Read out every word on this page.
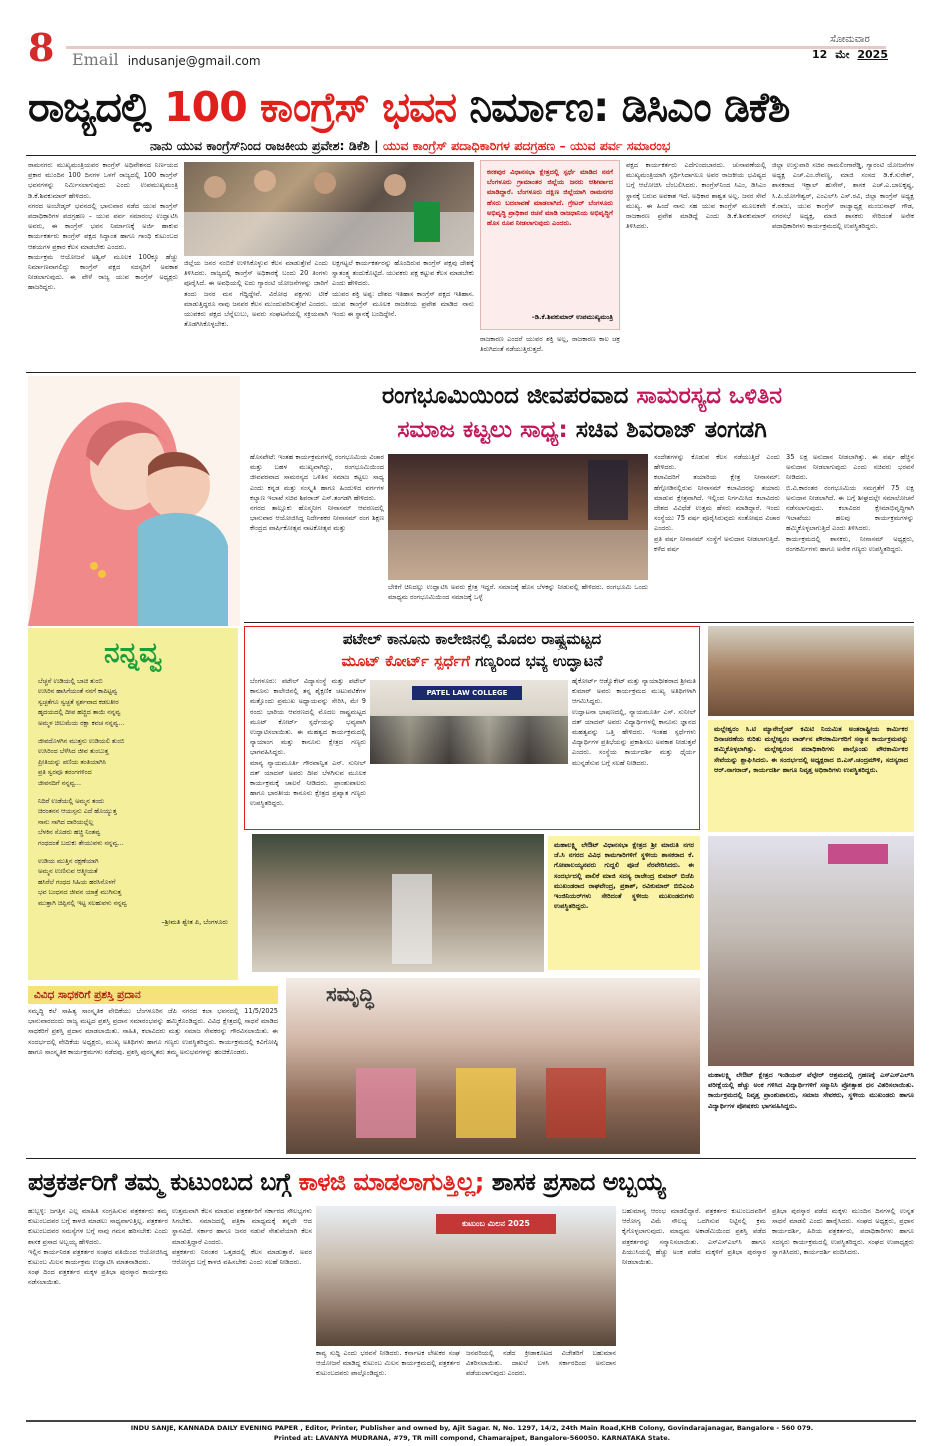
8 Email indusanje@gmail.com
ಸೋಮವಾರ
12 ಮೇ 2025
ರಾಜ್ಯದಲ್ಲಿ 100 ಕಾಂಗ್ರೆಸ್ ಭವನ ನಿರ್ಮಾಣ: ಡಿಸಿಎಂ ಡಿಕೆಶಿ
ನಾನು ಯುವ ಕಾಂಗ್ರೆಸ್‌ನಿಂದ ರಾಜಕೀಯ ಪ್ರವೇಶ: ಡಿಕೆಶಿ | ಯುವ ಕಾಂಗ್ರೆಸ್ ಪದಾಧಿಕಾರಿಗಳ ಪದಗ್ರಹಣ – ಯುವ ಪರ್ವ ಸಮಾರಂಭ
ರಾಮನಗರ: ಮುಖ್ಯಮಂತ್ರಿಯವರ ಕಾಂಗ್ರೆಸ್ ಅಧಿವೇಶನದ ನಿರ್ಣಯದ ಪ್ರಕಾರ ಮುಂದಿನ 100 ದಿನಗಳ ಒಳಗೆ ರಾಜ್ಯದಲ್ಲಿ 100 ಕಾಂಗ್ರೆಸ್ ಭವನಗಳನ್ನು ನಿರ್ಮಿಸಲಾಗುವುದು ಎಂದು ಉಪಮುಖ್ಯಮಂತ್ರಿ ಡಿ.ಕೆ.ಶಿವಕುಮಾರ್ ಹೇಳಿದರು.
ನಗರದ ಅಂಬೇಡ್ಕರ್ ಭವನದಲ್ಲಿ ಭಾನುವಾರ ನಡೆದ ಯುವ ಕಾಂಗ್ರೆಸ್ ಪದಾಧಿಕಾರಿಗಳ ಪದಗ್ರಹಣ – ಯುವ ಪರ್ವ ಸಮಾರಂಭ ಉದ್ಘಾಟಿಸಿ ಅವರು, ಈ ಕಾಂಗ್ರೆಸ್ ಭವನ ನಿರ್ಮಾಣಕ್ಕೆ ಅರ್ಜಿ ಹಾಕುವ ಕಾರ್ಯಕರ್ತರು ಕಾಂಗ್ರೆಸ್ ಪಕ್ಷದ ಸಿದ್ಧಾಂತ ಹಾಗೂ ಗಾಂಧಿ ಕುಟುಂಬದ ಆಶಯಗಳ ಪ್ರಕಾರ ಕೆಲಸ ಮಾಡಬೇಕು ಎಂದರು.
ಕಾರ್ಯಕ್ರಮ ಆಯೋಜನೆ ಅಶ್ವಿನ್ ಮೂಲಕ 100ಕ್ಕೂ ಹೆಚ್ಚು ನಿರ್ಮಾಣವಾಗಲಿದ್ದು ಕಾಂಗ್ರೆಸ್ ಪಕ್ಷದ ಸದಸ್ಯರಿಗೆ ಅವಕಾಶ ನೀಡಲಾಗುವುದು. ಈ ವೇಳೆ ರಾಜ್ಯ ಯುವ ಕಾಂಗ್ರೆಸ್ ಅಧ್ಯಕ್ಷರು ಹಾಜರಿದ್ದರು.
ಜಿಲ್ಲೆಯ ಜನರ ನಂಬಿಕೆ ಉಳಿಸಿಕೊಳ್ಳುವ ಕೆಲಸ ಮಾಡುತ್ತೇವೆ ಎಂದು ತಿಳಿಸಿದರು. ರಾಜ್ಯದಲ್ಲಿ ಕಾಂಗ್ರೆಸ್ ಅಧಿಕಾರಕ್ಕೆ ಬಂದು 20 ತಿಂಗಳು ಪೂರೈಸಿದೆ. ಈ ಅವಧಿಯಲ್ಲಿ ಐದು ಗ್ಯಾರಂಟಿ ಯೋಜನೆಗಳನ್ನು ಜಾರಿಗೆ ತಂದು ಜನರ ಮನ ಗೆದ್ದಿದ್ದೇವೆ. ವಿರೋಧ ಪಕ್ಷಗಳು ಟೀಕೆ ಮಾಡುತ್ತಿದ್ದರೂ ನಾವು ಜನಪರ ಕೆಲಸ ಮುಂದುವರಿಸುತ್ತೇವೆ ಎಂದರು. ಯುವಕರು ಪಕ್ಷದ ಬೆನ್ನೆಲುಬು, ಅವರು ಸಂಘಟನೆಯಲ್ಲಿ ಸಕ್ರಿಯವಾಗಿ ತೊಡಗಿಸಿಕೊಳ್ಳಬೇಕು.
ಲಕ್ಷಗಟ್ಟಲೆ ಕಾರ್ಯಕರ್ತರನ್ನು ಹೊಂದಿರುವ ಕಾಂಗ್ರೆಸ್ ಪಕ್ಷವು ದೇಶಕ್ಕೆ ಸ್ವಾತಂತ್ರ್ಯ ತಂದುಕೊಟ್ಟಿದೆ. ಯುವಕರು ಪಕ್ಷ ಕಟ್ಟುವ ಕೆಲಸ ಮಾಡಬೇಕು ಎಂದು ಹೇಳಿದರು.
ಯುವರ ಶಕ್ತಿ ಅಪ್ಪ: ದೇಶದ ಇತಿಹಾಸ ಕಾಂಗ್ರೆಸ್ ಪಕ್ಷದ ಇತಿಹಾಸ. ಯುವ ಕಾಂಗ್ರೆಸ್ ಮೂಲಕ ರಾಜಕೀಯ ಪ್ರವೇಶ ಮಾಡಿದ ನಾನು ಇಂದು ಈ ಸ್ಥಾನಕ್ಕೆ ಬಂದಿದ್ದೇನೆ.
ಕನಕಪುರ ವಿಧಾನಸಭಾ ಕ್ಷೇತ್ರದಲ್ಲಿ ಸ್ಪರ್ಧೆ ಮಾಡಿದ ನನಗೆ ಬೆಂಗಳೂರು ಗ್ರಾಮಾಂತರ ಜಿಲ್ಲೆಯ ಜನರು ಆಶೀರ್ವಾದ ಮಾಡಿದ್ದಾರೆ. ಬೆಂಗಳೂರು ದಕ್ಷಿಣ ಜಿಲ್ಲೆಯಾಗಿ ರಾಮನಗರ ಹೆಸರು ಬದಲಾವಣೆ ಮಾಡಲಾಗಿದೆ. ಗ್ರೇಟರ್ ಬೆಂಗಳೂರು ಅಭಿವೃದ್ಧಿ ಪ್ರಾಧಿಕಾರ ರಚನೆ ಮಾಡಿ ರಾಜಧಾನಿಯ ಅಭಿವೃದ್ಧಿಗೆ ಹೊಸ ರೂಪ ನೀಡಲಾಗುವುದು ಎಂದರು.
–ಡಿ.ಕೆ.ಶಿವಕುಮಾರ್ ಉಪಮುಖ್ಯಮಂತ್ರಿ
ರಾಜಕಾರಣ ಎಂದರೆ ಯುವರ ಶಕ್ತಿ ಅಲ್ಲ, ರಾಜಕಾರಣ ಕಾಲ ಚಕ್ರ ತಿರುಗಿದಂತೆ ನಡೆಯುತ್ತಿರುತ್ತದೆ.
ಪಕ್ಷದ ಕಾರ್ಯಕರ್ತರು ಎದೆಗುಂದಬಾರದು. ಚುನಾವಣೆಯಲ್ಲಿ ಮುಖ್ಯಮಂತ್ರಿಯಾಗಿ ಸ್ಪರ್ಧಿಸಿದಾಗಲೂ ಅವರ ರಾಜಕೀಯ ಭವಿಷ್ಯದ ಬಗ್ಗೆ ಆಲೋಚಿಸಿ ಬೆಂಬಲಿಸಿದರು. ಕಾಂಗ್ರೆಸ್‌ನಿಂದ ಸಿಎಂ, ಡಿಸಿಎಂ ಸ್ಥಾನಕ್ಕೆ ಬರುವ ಅವಕಾಶ ಇದೆ. ಅಧಿಕಾರ ಶಾಶ್ವತ ಅಲ್ಲ. ಜನರ ಸೇವೆ ಮುಖ್ಯ. ಈ ಹಿಂದೆ ನಾನು ಸಹ ಯುವ ಕಾಂಗ್ರೆಸ್ ಮೂಲಕವೇ ರಾಜಕಾರಣ ಪ್ರವೇಶ ಮಾಡಿದ್ದೆ ಎಂದು ಡಿ.ಕೆ.ಶಿವಕುಮಾರ್ ತಿಳಿಸಿದರು.
ಜಿಲ್ಲಾ ಉಸ್ತುವಾರಿ ಸಚಿವ ರಾಮಲಿಂಗಾರೆಡ್ಡಿ, ಗ್ಯಾರಂಟಿ ಯೋಜನೆಗಳ ಅಧ್ಯಕ್ಷ ಎಚ್.ಎಂ.ರೇವಣ್ಣ, ಮಾಜಿ ಸಂಸದ ಡಿ.ಕೆ.ಸುರೇಶ್, ಶಾಸಕರಾದ ಇಕ್ಬಾಲ್ ಹುಸೇನ್, ಶಾಸಕ ಎಚ್.ಎ.ಬಾಲಕೃಷ್ಣ, ಸಿ.ಪಿ.ಯೋಗೇಶ್ವರ್, ಎಂಎಲ್‌ಸಿ ಎಸ್.ರವಿ, ಜಿಲ್ಲಾ ಕಾಂಗ್ರೆಸ್ ಅಧ್ಯಕ್ಷ ಕೆ.ರಾಜು, ಯುವ ಕಾಂಗ್ರೆಸ್ ರಾಜ್ಯಾಧ್ಯಕ್ಷ ಮಂಜುನಾಥ್ ಗೌಡ, ನಗರಸಭೆ ಅಧ್ಯಕ್ಷ, ಮಾಜಿ ಶಾಸಕರು ಸೇರಿದಂತೆ ಅನೇಕ ಪದಾಧಿಕಾರಿಗಳು ಕಾರ್ಯಕ್ರಮದಲ್ಲಿ ಉಪಸ್ಥಿತರಿದ್ದರು.
ನನ್ನವ್ವ
ಬೆಚ್ಚನೆ ಉಡಿಯಲ್ಲಿ ಬಾಚಿ ತುಂಬಿ
ಉಸಿರಿನ ಹಾಸಿಗೆಯಂತೆ ನನಗೆ ಕಾಪಿಟ್ಟವ್ವ
ಸ್ವಚ್ಛತೆಗೂ ಸ್ವಚ್ಛತೆ ಸ್ಪರ್ಶವಾದ ಕಡಲತೀರ
ಹೃದಯದಲ್ಲಿ ದೀಪ ಹಚ್ಚಿದ ತಾಯಿ ನನ್ನವ್ವ
ಅಮ್ಮಳ ಚಿಲುಮೆಯ ರಕ್ಷಾ ಕವಚ ನನ್ನವ್ವ...
ಜೀವದೊಳಗಿನ ಮುತ್ತನು ಉಡಿಯಲಿ ತುಂಬಿ
ಉಸಿರಿಂದ ಬೆಳೆಸಿದ ಜೀವ ತುಂಬುತ್ತ
ಪ್ರೀತಿಯನ್ನು ಪಣಿಯ ತಂತಿಯಾಗಿಸಿ
ಪ್ರತಿ ಸ್ವರವೂ ತರಂಗಗಳಿಂದ
ಜೀವನದಿಗೆ ನನ್ನವ್ವ...
ನಿದಿರೆ ಉಡೆಯಲ್ಲಿ ಅಮ್ಮನ ತಂದು
ಚಿರಂತನನ ಆಯಸ್ಸನು ಎದೆ ಹೊಯ್ಯುತ್ತ
ನಾನು ಸಾಗಿದ ದಾರಿಯಲ್ಲೆಲ್ಲ
ಬೆಳಕಿನ ಸೊಡರು ಹಚ್ಚಿ ನಿಂತವ್ವ
ಗಂಧದಂತೆ ಬದುಕು ತೇಯುವಳು ನನ್ನವ್ವ...
ಉಡಿಯ ಮುತ್ತಿನ ರಕ್ಷಣೆಯಾಗಿ
ಅಮ್ಮನ ಉಣಿಸುವ ಆತ್ಮೀಯತೆ
ಹಸಿರೆಲೆ ಗಂಧದ ಸಿಹಿಯ ಹರಸಿನೊಳಗೆ
ಭವ ಬಂಧನದ ಜೀವನ ಯಾತ್ರೆ ಮುಗಿಸುತ್ತ
ಮುತ್ತಾಗಿ ಚಿಪ್ಪಿನಲ್ಲಿ ಇಟ್ಟ ಸಲಹುವಳು ನನ್ನವ್ವ
–ಶ್ರೀಮತಿ ಶ್ವೇತ ಪಿ, ಬೆಂಗಳೂರು
ರಂಗಭೂಮಿಯಿಂದ ಜೀವಪರವಾದ ಸಾಮರಸ್ಯದ ಒಳಿತಿನ
ಸಮಾಜ ಕಟ್ಟಲು ಸಾಧ್ಯ: ಸಚಿವ ಶಿವರಾಜ್ ತಂಗಡಗಿ
ಹೊಸಪೇಟೆ: ಇಂತಹ ಕಾರ್ಯಕ್ರಮಗಳಲ್ಲಿ ರಂಗಭೂಮಿಯ ವಿಚಾರ ಮತ್ತು ಬಹಳ ಮುಖ್ಯವಾಗಿದ್ದು, ರಂಗಭೂಮಿಯಿಂದ ಜೀವಪರವಾದ ಸಾಮರಸ್ಯದ ಒಳಿತಿನ ಸಮಾಜ ಕಟ್ಟಲು ಸಾಧ್ಯ ಎಂದು ಕನ್ನಡ ಮತ್ತು ಸಂಸ್ಕೃತಿ ಹಾಗೂ ಹಿಂದುಳಿದ ವರ್ಗಗಳ ಕಲ್ಯಾಣ ಇಲಾಖೆ ಸಚಿವ ಶಿವರಾಜ್ ಎಸ್.ತಂಗಡಗಿ ಹೇಳಿದರು.
ನಗರದ ತಾಲ್ಲೂಕು ಹೊಸ್ಮನೀಗ ನೀನಾಸಮ್ ಆವರಣದಲ್ಲಿ ಭಾನುವಾರ ಆಯೋಜಿಸಿದ್ದ ನಿರ್ದೇಶಕರ ನೀನಾಸಮ್ ರಂಗ ಶಿಕ್ಷಣ ಕೇಂದ್ರದ ವಾರ್ಷಿಕೋತ್ಸವ ನಾಟಕೋತ್ಸವ ಮತ್ತು
ಬೇಕಿಗೆ ಚಿನಿದಲ್ಲು ಉದ್ಘಾಟಿಸಿ ಅವರು ಕ್ಷೇತ್ರ ಇದ್ದರೆ. ಸಮಾಜಕ್ಕೆ ಹೊಸ ಬೆಳಕನ್ನು ನೀಡುವಲ್ಲಿ ಹೇಳಿದರು. ರಂಗಭೂಮಿ ಒಂದು ಮಾಧ್ಯಮ ರಂಗಭೂಮಿಯಿಂದ ಸಮಾಜಕ್ಕೆ ಒಳ್ಳೆ
ಸಂದೇಶಗಳನ್ನು ಕೊಡುವ ಕೆಲಸ ನಡೆಯುತ್ತಿದೆ ಎಂದು ಹೇಳಿದರು.
ಕಲಾವಿದರಿಗೆ ತಯಾರಿಯ ಕ್ಷೇತ್ರ ನೀನಾಸಮ್: ಹೆಗ್ಗೋಡಿನಲ್ಲಿರುವ ನೀನಾಸಮ್ ಕಲಾವಿದರನ್ನು ತಯಾರು ಮಾಡುವ ಕ್ಷೇತ್ರವಾಗಿದೆ. ಇಲ್ಲಿಂದ ನಿರ್ಗಮಿಸಿದ ಕಲಾವಿದರು ದೇಶದ ವಿವಿಧೆಡೆ ಉತ್ತಮ ಹೆಸರು ಮಾಡಿದ್ದಾರೆ. ಇಂದು ಸಂಸ್ಥೆಯು 75 ವರ್ಷ ಪೂರೈಸಿರುವುದು ಸಂತೋಷದ ವಿಚಾರ ಎಂದರು.
ಪ್ರತಿ ವರ್ಷ ನೀನಾಸಮ್ ಸಂಸ್ಥೆಗೆ ಅನುದಾನ ನೀಡಲಾಗುತ್ತಿದೆ. ಕಳೆದ ವರ್ಷ
35 ಲಕ್ಷ ಅನುದಾನ ನೀಡಲಾಗಿತ್ತು. ಈ ವರ್ಷ ಹೆಚ್ಚಿನ ಅನುದಾನ ನೀಡಲಾಗುವುದು ಎಂದು ಸಚಿವರು ಭರವಸೆ ನೀಡಿದರು.
ಬಿ.ವಿ.ಕಾರಂತರ ರಂಗಭೂಮಿಯ ಸಮಗ್ರತೆಗೆ 75 ಲಕ್ಷ ಅನುದಾನ ನೀಡಲಾಗಿದೆ. ಈ ಬಗ್ಗೆ ಶೀಘ್ರದಲ್ಲೇ ಸಮಾಲೋಚನೆ ನಡೆಸಲಾಗುವುದು. ಕಲಾವಿದರ ಕ್ಷೇಮಾಭಿವೃದ್ಧಿಗಾಗಿ ಇಲಾಖೆಯು ಹಲವು ಕಾರ್ಯಕ್ರಮಗಳನ್ನು ಹಮ್ಮಿಕೊಳ್ಳಲಾಗುತ್ತಿದೆ ಎಂದು ತಿಳಿಸಿದರು.
ಕಾರ್ಯಕ್ರಮದಲ್ಲಿ ಶಾಸಕರು, ನೀನಾಸಮ್ ಅಧ್ಯಕ್ಷರು, ರಂಗಕರ್ಮಿಗಳು ಹಾಗೂ ಅನೇಕ ಗಣ್ಯರು ಉಪಸ್ಥಿತರಿದ್ದರು.
ಪಟೇಲ್ ಕಾನೂನು ಕಾಲೇಜಿನಲ್ಲಿ ಮೊದಲ ರಾಷ್ಟ್ರಮಟ್ಟದ
ಮೂಟ್ ಕೋರ್ಟ್ ಸ್ಪರ್ಧೆಗೆ ಗಣ್ಯರಿಂದ ಭವ್ಯ ಉದ್ಘಾಟನೆ
ಬೆಂಗಳೂರು: ಪಟೇಲ್ ವಿದ್ಯಾಸಂಸ್ಥೆ ಮತ್ತು ಪಟೇಲ್ ಕಾನೂನು ಕಾಲೇಜಿನಲ್ಲಿ ತನ್ನ ಶೈಕ್ಷಣಿಕ ಚಟುವಟಿಕೆಗಳ ಮತ್ತೊಂದು ಪ್ರಮುಖ ಅಧ್ಯಾಯವನ್ನು ಸೇರಿಸಿ, ಮೇ 9 ರಂದು ಭಾರಿಯ ಆವರಣದಲ್ಲಿ ಮೊದಲ ರಾಷ್ಟ್ರಮಟ್ಟದ ಮೂಟ್ ಕೋರ್ಟ್ ಸ್ಪರ್ಧೆಯನ್ನು ಭವ್ಯವಾಗಿ ಉದ್ಘಾಟಿಸಲಾಯಿತು. ಈ ಮಹತ್ವದ ಕಾರ್ಯಕ್ರಮದಲ್ಲಿ ನ್ಯಾಯಾಂಗ ಮತ್ತು ಕಾನೂನು ಕ್ಷೇತ್ರದ ಗಣ್ಯರು ಭಾಗವಹಿಸಿದ್ದರು.
ಮಾನ್ಯ ನ್ಯಾಯಮೂರ್ತಿ ಗೌರವಾನ್ವಿತ ಎಸ್. ಸುನೀಲ್ ದತ್ ಯಾದವ್ ಅವರು ದೀಪ ಬೆಳಗಿಸುವ ಮೂಲಕ ಕಾರ್ಯಕ್ರಮಕ್ಕೆ ಚಾಲನೆ ನೀಡಿದರು. ಪ್ರಾಂಶುಪಾಲರು ಹಾಗೂ ಭಾರತೀಯ ಕಾನೂನು ಕ್ಷೇತ್ರದ ಪ್ರಖ್ಯಾತ ಗಣ್ಯರು ಉಪಸ್ಥಿತರಿದ್ದರು.
PATEL LAW COLLEGE
ಹೈಕೋರ್ಟ್ ಆಡ್ವೊಕೇಟ್ ಮತ್ತು ನ್ಯಾಯಾಧೀಶರಾದ ಶ್ರೀಮತಿ ಕುಮಾರ್ ಅವರು ಕಾರ್ಯಕ್ರಮದ ಮುಖ್ಯ ಅತಿಥಿಗಳಾಗಿ ಆಗಮಿಸಿದ್ದರು.
ಉದ್ಘಾಟನಾ ಭಾಷಣದಲ್ಲಿ, ನ್ಯಾಯಮೂರ್ತಿ ಎಸ್. ಸುನೀಲ್ ದತ್ ಯಾದವ್ ಅವರು ವಿದ್ಯಾರ್ಥಿಗಳಲ್ಲಿ ಕಾನೂನು ಜ್ಞಾನದ ಮಹತ್ವವನ್ನು ಒತ್ತಿ ಹೇಳಿದರು. ಇಂತಹ ಸ್ಪರ್ಧೆಗಳು ವಿದ್ಯಾರ್ಥಿಗಳ ಪ್ರತಿಭೆಯನ್ನು ಪ್ರಕಾಶಿಸಲು ಅವಕಾಶ ನೀಡುತ್ತವೆ ಎಂದರು. ಸಂಸ್ಥೆಯ ಕಾರ್ಯದರ್ಶಿ ಮತ್ತು ಧೈರ್ಯ ಮುನ್ನಡೆಸುವ ಬಗ್ಗೆ ಸಲಹೆ ನೀಡಿದರು.
ಮಲ್ಲೇಶ್ವರಂ ಸಿ.ಟಿ ಮ್ಯಾನೇಜ್ಮೆಂಟ್ ಕಮಿಟಿ ನಿಯಮಿತ ಅಂತರಾಷ್ಟ್ರೀಯ ಕಾರ್ಮಿಕರ ದಿನಾಚರಣೆಯ ಕುರಿತು ಮಲ್ಲೇಶ್ವರಂ ವಾರ್ಡ್‌ನ ಪೌರಕಾರ್ಮಿಕರಿಗೆ ಸನ್ಮಾನ ಕಾರ್ಯಕ್ರಮವನ್ನು ಹಮ್ಮಿಕೊಳ್ಳಲಾಗಿತ್ತು. ಮಲ್ಲೇಶ್ವರಂನ ಪದಾಧಿಕಾರಿಗಳು ಪಾಲ್ಗೊಂಡು ಪೌರಕಾರ್ಮಿಕರ ಸೇವೆಯನ್ನು ಶ್ಲಾಘಿಸಿದರು. ಈ ಸಂದರ್ಭದಲ್ಲಿ ಅಧ್ಯಕ್ಷರಾದ ಬಿ.ಎಸ್.ಚಂದ್ರಮೌಳಿ, ಸದಸ್ಯರಾದ ಆರ್.ನಾಗರಾಜ್, ಕಾರ್ಯದರ್ಶಿ ಹಾಗೂ ನಿವೃತ್ತ ಅಧಿಕಾರಿಗಳು ಉಪಸ್ಥಿತರಿದ್ದರು.
ಮಹಾಲಕ್ಷ್ಮಿ ಲೇಔಟ್ ವಿಧಾನಸಭಾ ಕ್ಷೇತ್ರದ ಶ್ರೀ ಮಾರುತಿ ನಗರ ಜೆ.ಸಿ ನಗರದ ವಿವಿಧ ಕಾಮಗಾರಿಗಳಿಗೆ ಸ್ಥಳೀಯ ಶಾಸಕರಾದ ಕೆ. ಗೋಪಾಲಯ್ಯನವರು ಗುದ್ದಲಿ ಪೂಜೆ ನೆರವೇರಿಸಿದರು. ಈ ಸಂದರ್ಭದಲ್ಲಿ ಪಾಲಿಕೆ ಮಾಜಿ ಸದಸ್ಯ ರಾಜೇಂದ್ರ ಕುಮಾರ್ ಬಿಜೆಪಿ ಮುಖಂಡರಾದ ರಾಘವೇಂದ್ರ, ಪ್ರಕಾಶ್, ರವಿಕುಮಾರ್ ಬಿಬಿಎಂಪಿ ಇಂಜಿನಿಯರ್‌ಗಳು ಸೇರಿದಂತೆ ಸ್ಥಳೀಯ ಮುಖಂಡರುಗಳು ಉಪಸ್ಥಿತರಿದ್ದರು.
ಮಹಾಲಕ್ಷ್ಮಿ ಲೇಔಟ್ ಕ್ಷೇತ್ರದ ಇಂಡಿಯನ್ ವೆಲ್ಫೇರ್ ಆಶ್ರಮದಲ್ಲಿ ಗ್ರಹಣಕ್ಕೆ ಎಸ್‌ಎಸ್‌ಎಲ್‌ಸಿ ಪರೀಕ್ಷೆಯಲ್ಲಿ ಹೆಚ್ಚು ಅಂಕ ಗಳಿಸಿದ ವಿದ್ಯಾರ್ಥಿಗಳಿಗೆ ಸನ್ಮಾನಿಸಿ ಪ್ರೋತ್ಸಾಹ ಧನ ವಿತರಿಸಲಾಯಿತು. ಕಾರ್ಯಕ್ರಮದಲ್ಲಿ ನಿವೃತ್ತ ಪ್ರಾಂಶುಪಾಲರು, ಸಮಾಜ ಸೇವಕರು, ಸ್ಥಳೀಯ ಮುಖಂಡರು ಹಾಗೂ ವಿದ್ಯಾರ್ಥಿಗಳ ಪೋಷಕರು ಭಾಗವಹಿಸಿದ್ದರು.
ವಿವಿಧ ಸಾಧಕರಿಗೆ ಪ್ರಶಸ್ತಿ ಪ್ರದಾನ
ಸಮೃದ್ಧಿ ಕಲೆ ಸಾಹಿತ್ಯ ಸಾಂಸ್ಕೃತಿಕ ವೇದಿಕೆಯು ಬೆಂಗಳೂರಿನ ಜೆಪಿ ನಗರದ ಕಲಾ ಭವನದಲ್ಲಿ 11/5/2025 ಭಾನುವಾರದಂದು ರಾಜ್ಯ ಮಟ್ಟದ ಪ್ರಶಸ್ತಿ ಪ್ರದಾನ ಸಮಾರಂಭವನ್ನು ಹಮ್ಮಿಕೊಂಡಿದ್ದರು. ವಿವಿಧ ಕ್ಷೇತ್ರದಲ್ಲಿ ಸಾಧನೆ ಮಾಡಿದ ಸಾಧಕರಿಗೆ ಪ್ರಶಸ್ತಿ ಪ್ರದಾನ ಮಾಡಲಾಯಿತು. ಸಾಹಿತಿ, ಕಲಾವಿದರು ಮತ್ತು ಸಮಾಜ ಸೇವಕರನ್ನು ಗೌರವಿಸಲಾಯಿತು. ಈ ಸಂದರ್ಭದಲ್ಲಿ ವೇದಿಕೆಯ ಅಧ್ಯಕ್ಷರು, ಮುಖ್ಯ ಅತಿಥಿಗಳು ಹಾಗೂ ಗಣ್ಯರು ಉಪಸ್ಥಿತರಿದ್ದರು. ಕಾರ್ಯಕ್ರಮದಲ್ಲಿ ಕವಿಗೋಷ್ಠಿ ಹಾಗೂ ಸಾಂಸ್ಕೃತಿಕ ಕಾರ್ಯಕ್ರಮಗಳು ನಡೆದವು. ಪ್ರಶಸ್ತಿ ಪುರಸ್ಕೃತರು ತಮ್ಮ ಅನುಭವಗಳನ್ನು ಹಂಚಿಕೊಂಡರು.
ಸಮೃದ್ಧಿ
ಪತ್ರಕರ್ತರಿಗೆ ತಮ್ಮ ಕುಟುಂಬದ ಬಗ್ಗೆ ಕಾಳಜಿ ಮಾಡಲಾಗುತ್ತಿಲ್ಲ; ಶಾಸಕ ಪ್ರಸಾದ ಅಬ್ಬಯ್ಯ
ಹುಬ್ಬಳ್ಳಿ: ಜಗತ್ತಿನ ಎಲ್ಲ ಮಾಹಿತಿ ಸಂಗ್ರಹಿಸುವ ಪತ್ರಕರ್ತರು ತಮ್ಮ ಕುಟುಂಬದವರ ಬಗ್ಗೆ ಕಾಳಜಿ ಮಾಡಲು ಸಾಧ್ಯವಾಗುತ್ತಿಲ್ಲ. ಪತ್ರಕರ್ತರ ಕುಟುಂಬದವರ ಸಮಸ್ಯೆಗಳ ಬಗ್ಗೆ ನಾವು ಗಮನ ಹರಿಸಬೇಕು ಎಂದು ಶಾಸಕ ಪ್ರಸಾದ ಅಬ್ಬಯ್ಯ ಹೇಳಿದರು.
ಇಲ್ಲಿನ ಕಾರ್ಯನಿರತ ಪತ್ರಕರ್ತರ ಸಂಘದ ವತಿಯಿಂದ ಆಯೋಜಿಸಿದ್ದ ಕುಟುಂಬ ಮಿಲನ ಕಾರ್ಯಕ್ರಮ ಉದ್ಘಾಟಿಸಿ ಮಾತನಾಡಿದರು.
ಸಂಘ ದಿಂದ ಪತ್ರಕರ್ತರ ಮಕ್ಕಳ ಪ್ರತಿಭಾ ಪುರಸ್ಕಾರ ಕಾರ್ಯಕ್ರಮ ನಡೆಸಲಾಯಿತು.
ಉತ್ತಮವಾಗಿ ಕೆಲಸ ಮಾಡುವ ಪತ್ರಕರ್ತರಿಗೆ ಸರ್ಕಾರದ ಸೌಲಭ್ಯಗಳು ಸಿಗಬೇಕು. ಸಮಾಜದಲ್ಲಿ ಪತ್ರಿಕಾ ಮಾಧ್ಯಮಕ್ಕೆ ತನ್ನದೇ ಆದ ಸ್ಥಾನವಿದೆ. ಸರ್ಕಾರ ಹಾಗೂ ಜನರ ನಡುವೆ ಸೇತುವೆಯಾಗಿ ಕೆಲಸ ಮಾಡುತ್ತಿದ್ದಾರೆ ಎಂದರು.
ಪತ್ರಕರ್ತರು ನಿರಂತರ ಒತ್ತಡದಲ್ಲಿ ಕೆಲಸ ಮಾಡುತ್ತಾರೆ. ಅವರ ಆರೋಗ್ಯದ ಬಗ್ಗೆ ಕಾಳಜಿ ವಹಿಸಬೇಕು ಎಂದು ಸಲಹೆ ನೀಡಿದರು.
ಕುಟುಂಬ ಮಿಲನ 2025
ಕಾವ್ಯ ಸುದ್ದಿ ಎಂದು ಭರವಸೆ ನೀಡಿದರು. ಕರ್ನಾಟಕ ಲೇಖಕರ ಸಂಘ ಆಯೋಜನೆ ಮಾಡಿದ್ದ ಕುಟುಂಬ ಮಿಲನ ಕಾರ್ಯಕ್ರಮದಲ್ಲಿ ಪತ್ರಕರ್ತರ ಕುಟುಂಬದವರು ಪಾಲ್ಗೊಂಡಿದ್ದರು.
ಜನವರಿಯಲ್ಲಿ ನಡೆದ ಕ್ರೀಡಾಕೂಟದ ವಿಜೇತರಿಗೆ ಬಹುಮಾನ ವಿತರಿಸಲಾಯಿತು. ದಾಖಲೆ ಬಳಸಿ ಸರ್ಕಾರದಿಂದ ಅನುದಾನ ಪಡೆಯಲಾಗುವುದು ಎಂದರು.
ಬಹುಮಾನ್ಯ ಆರಂಭ ಮಾಡಲಿದ್ದಾರೆ. ಪತ್ರಕರ್ತರ ಕುಟುಂಬದವರಿಗೆ ಆರೋಗ್ಯ ವಿಮೆ ಸೌಲಭ್ಯ ಒದಗಿಸುವ ನಿಟ್ಟಿನಲ್ಲಿ ಕ್ರಮ ಕೈಗೊಳ್ಳಲಾಗುವುದು. ಮಾಧ್ಯಮ ಅಕಾಡೆಮಿಯಿಂದ ಪ್ರಶಸ್ತಿ ಪಡೆದ ಪತ್ರಕರ್ತರನ್ನು ಸನ್ಮಾನಿಸಲಾಯಿತು. ಎಸ್‌ಎಸ್‌ಎಲ್‌ಸಿ ಹಾಗೂ ಪಿಯುಸಿಯಲ್ಲಿ ಹೆಚ್ಚು ಅಂಕ ಪಡೆದ ಮಕ್ಕಳಿಗೆ ಪ್ರತಿಭಾ ಪುರಸ್ಕಾರ ನೀಡಲಾಯಿತು.
ಪ್ರತಿಭಾ ಪುರಸ್ಕಾರ ಪಡೆದ ಮಕ್ಕಳು ಮುಂದಿನ ದಿನಗಳಲ್ಲಿ ಉನ್ನತ ಸಾಧನೆ ಮಾಡಲಿ ಎಂದು ಹಾರೈಸಿದರು. ಸಂಘದ ಅಧ್ಯಕ್ಷರು, ಪ್ರಧಾನ ಕಾರ್ಯದರ್ಶಿ, ಹಿರಿಯ ಪತ್ರಕರ್ತರು, ಪದಾಧಿಕಾರಿಗಳು ಹಾಗೂ ಸದಸ್ಯರು ಕಾರ್ಯಕ್ರಮದಲ್ಲಿ ಉಪಸ್ಥಿತರಿದ್ದರು. ಸಂಘದ ಉಪಾಧ್ಯಕ್ಷರು ಸ್ವಾಗತಿಸಿದರು, ಕಾರ್ಯದರ್ಶಿ ವಂದಿಸಿದರು.
INDU SANJE, KANNADA DAILY EVENING PAPER , Editor, Printer, Publisher and owned by, Ajit Sagar. N, No. 1297, 14/2, 24th Main Road,KHB Colony, Govindarajanagar, Bangalore - 560 079.
Printed at: LAVANYA MUDRANA, #79, TR mill compond, Chamarajpet, Bangalore-560050. KARNATAKA State.
